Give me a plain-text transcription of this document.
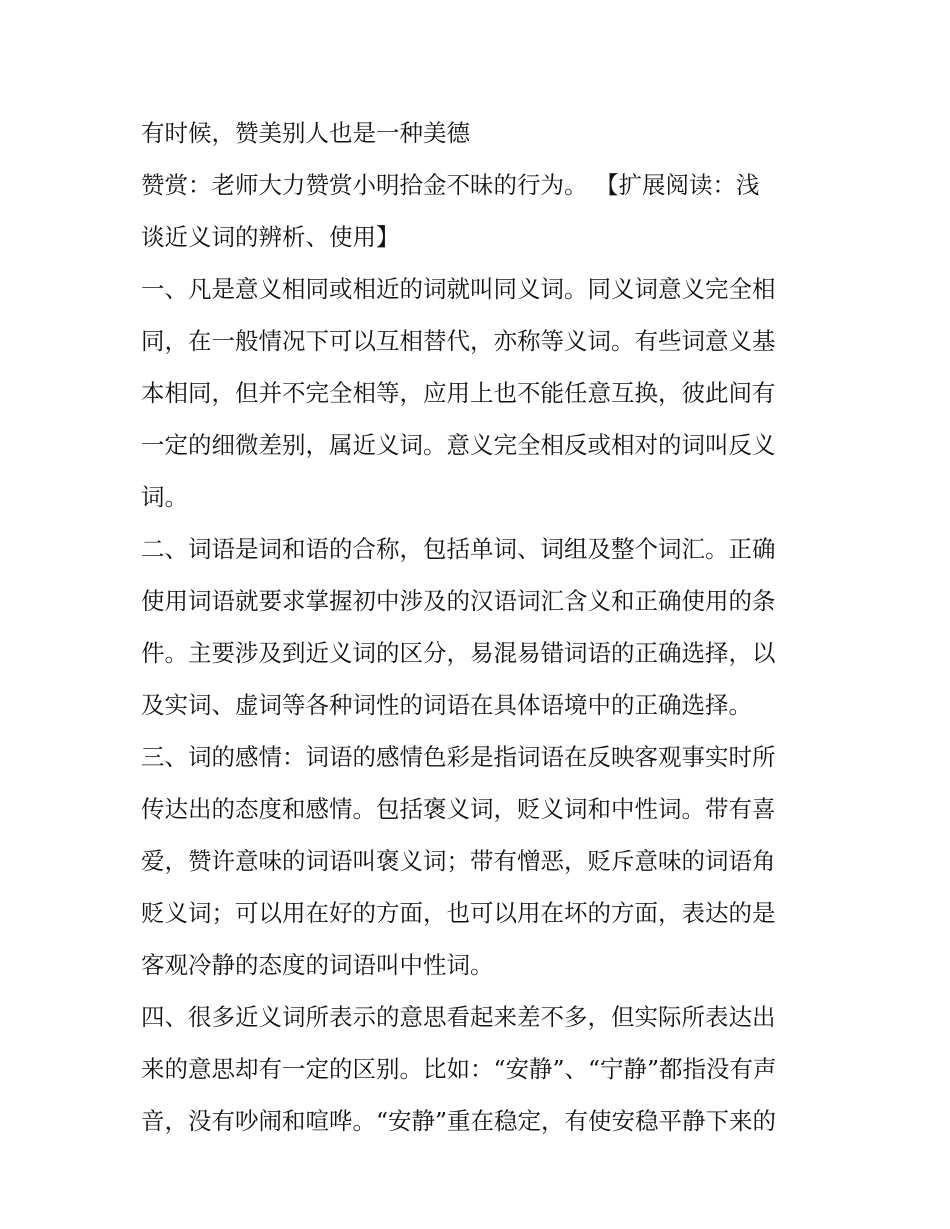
有时候，赞美别人也是一种美德
赞赏：老师大力赞赏小明拾金不昧的行为。 【扩展阅读：浅
谈近义词的辨析、使用】
一、凡是意义相同或相近的词就叫同义词。同义词意义完全相
同，在一般情况下可以互相替代，亦称等义词。有些词意义基
本相同，但并不完全相等，应用上也不能任意互换，彼此间有
一定的细微差别，属近义词。意义完全相反或相对的词叫反义
词。
二、词语是词和语的合称，包括单词、词组及整个词汇。正确
使用词语就要求掌握初中涉及的汉语词汇含义和正确使用的条
件。主要涉及到近义词的区分，易混易错词语的正确选择，以
及实词、虚词等各种词性的词语在具体语境中的正确选择。
三、词的感情：词语的感情色彩是指词语在反映客观事实时所
传达出的态度和感情。包括褒义词，贬义词和中性词。带有喜
爱，赞许意味的词语叫褒义词；带有憎恶，贬斥意味的词语角
贬义词；可以用在好的方面，也可以用在坏的方面，表达的是
客观冷静的态度的词语叫中性词。
四、很多近义词所表示的意思看起来差不多，但实际所表达出
来的意思却有一定的区别。比如：“安静”、“宁静”都指没有声
音，没有吵闹和喧哗。“安静”重在稳定，有使安稳平静下来的
